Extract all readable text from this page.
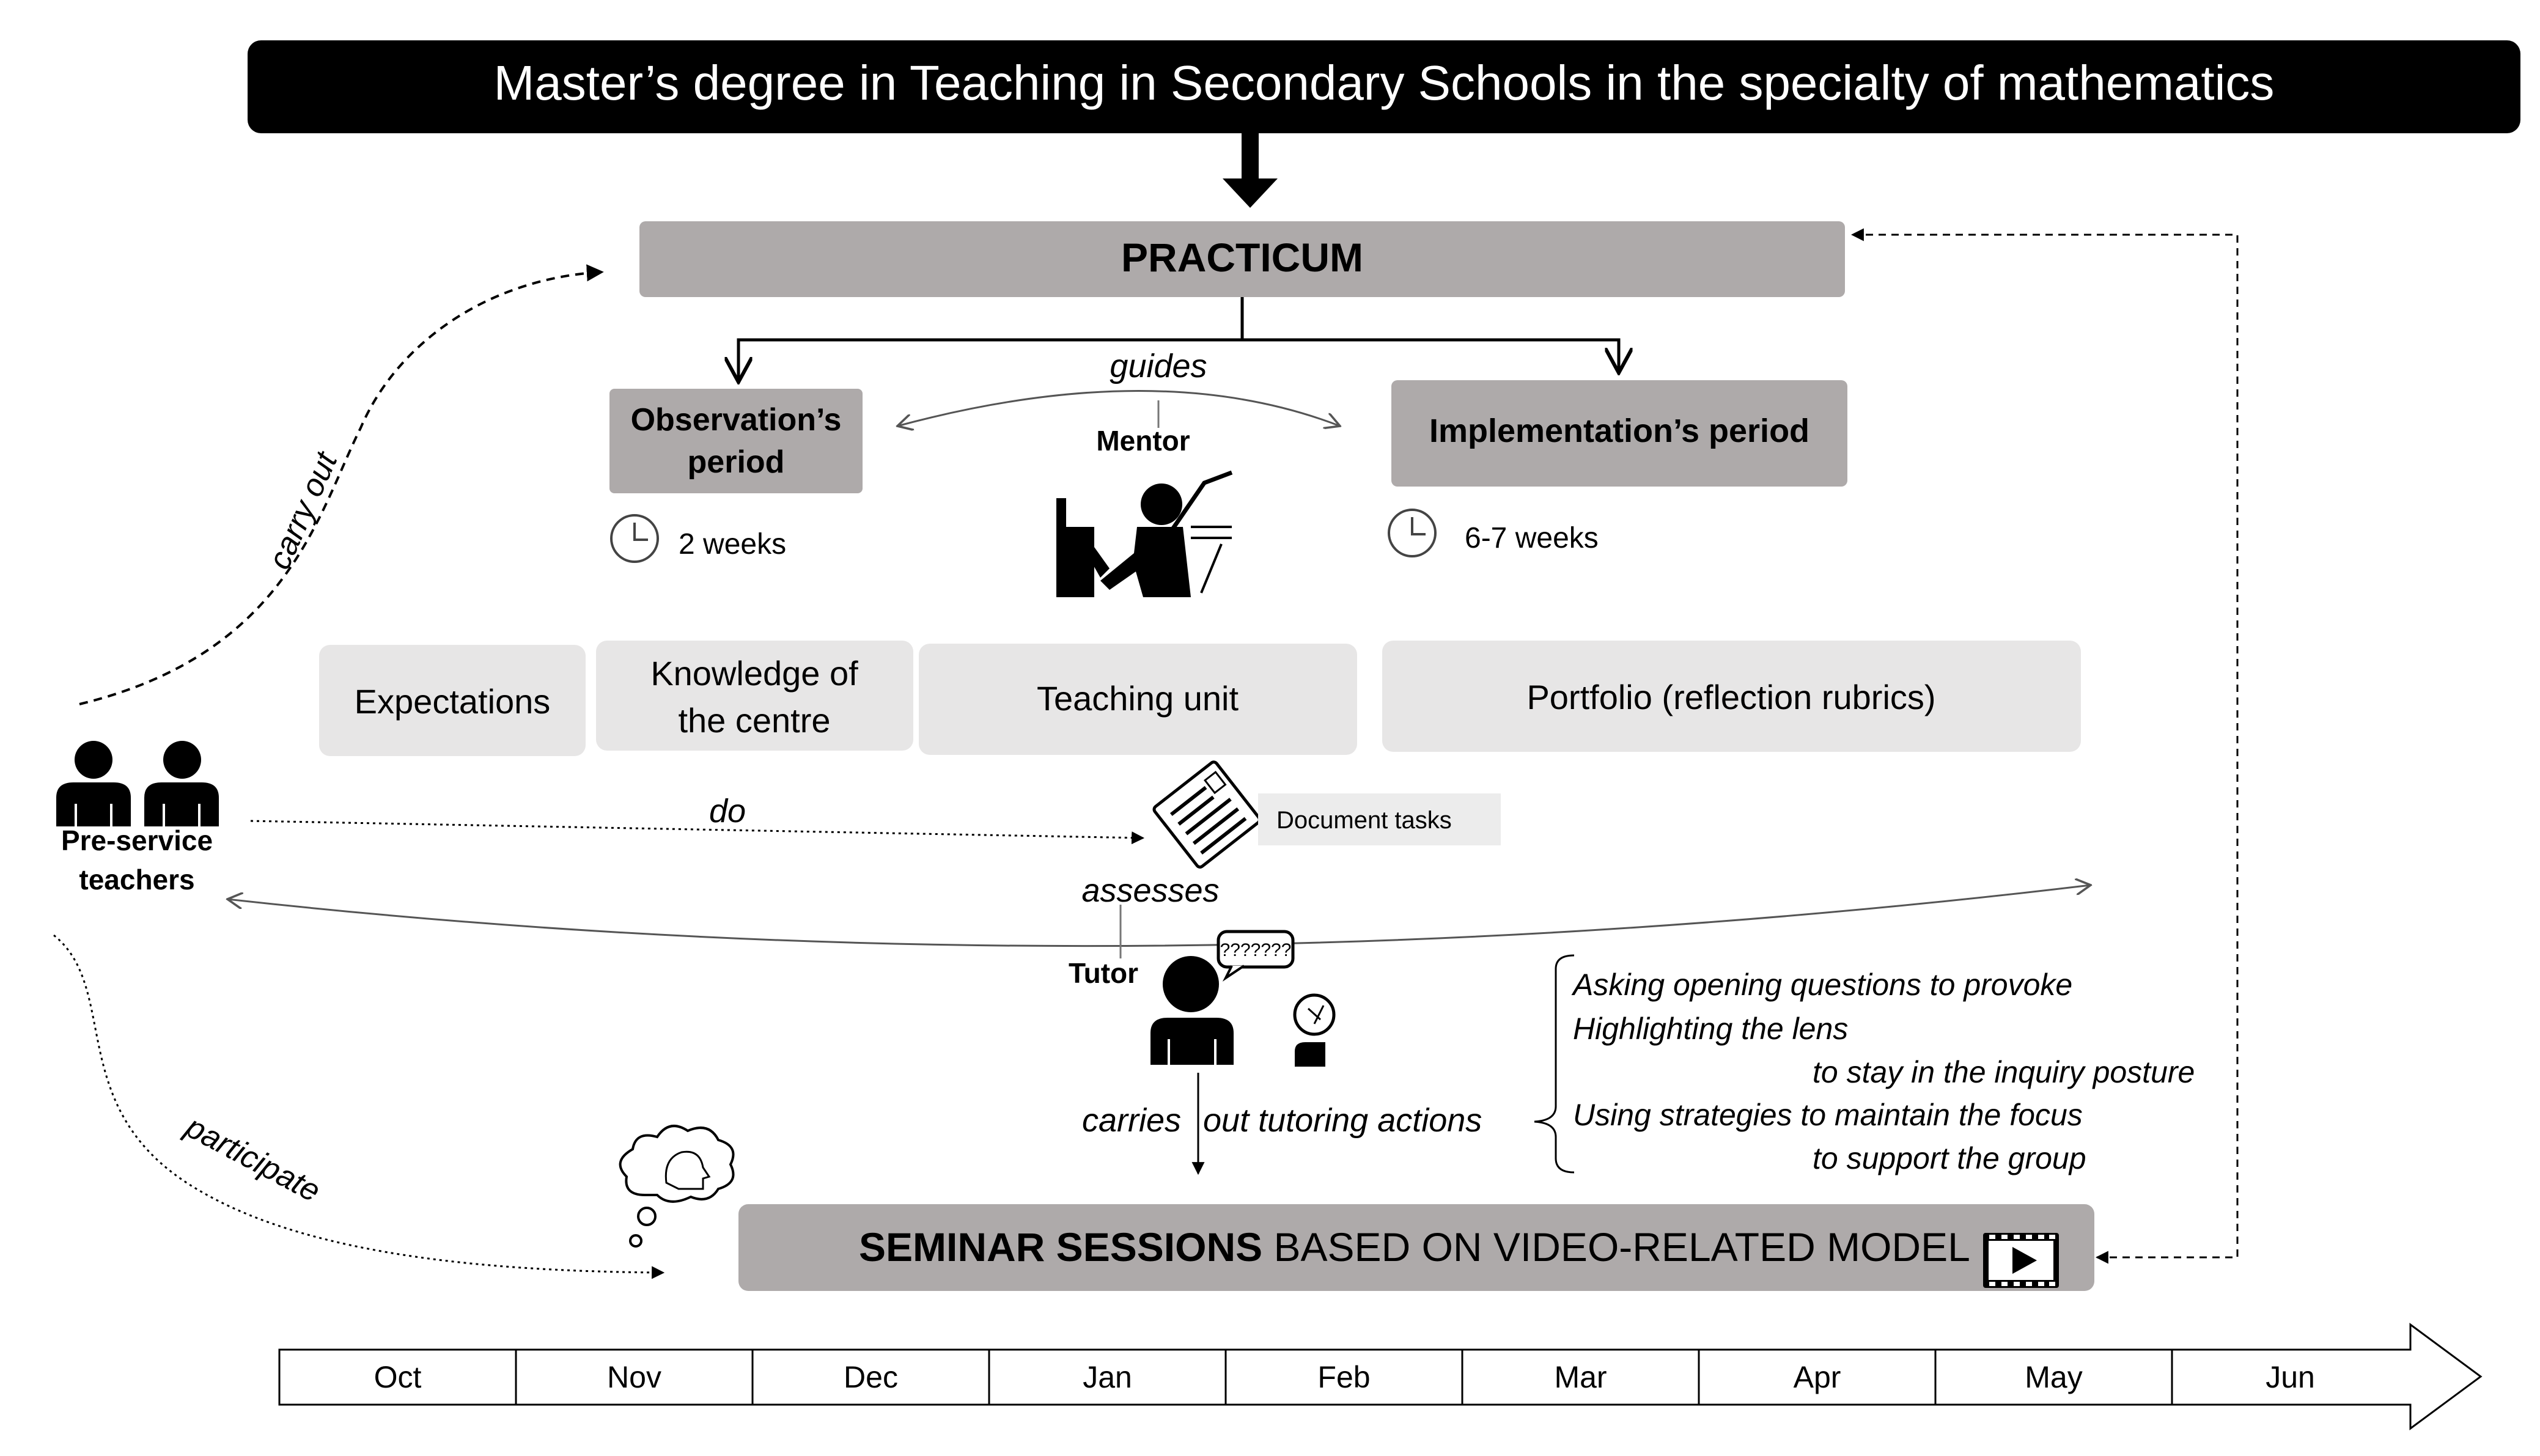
Master’s degree in Teaching in Secondary Schools in the specialty of mathematics
PRACTICUM
Observation’s
period
2 weeks
Implementation’s period
6-7 weeks
guides
Mentor
carry out
Expectations
Knowledge of
the centre
Teaching unit	Portfolio (reflection rubrics)
Pre-service
teachers
do	Document tasks
assesses
Tutor
???????
carries out tutoring actions
Asking opening questions to provoke
Highlighting the lens
to stay in the inquiry posture
Using strategies to maintain the focus
to support the group
participate
SEMINAR SESSIONS BASED ON VIDEO-RELATED MODEL
Oct	Nov	Dec	Jan	Feb	Mar	Apr	May	Jun
